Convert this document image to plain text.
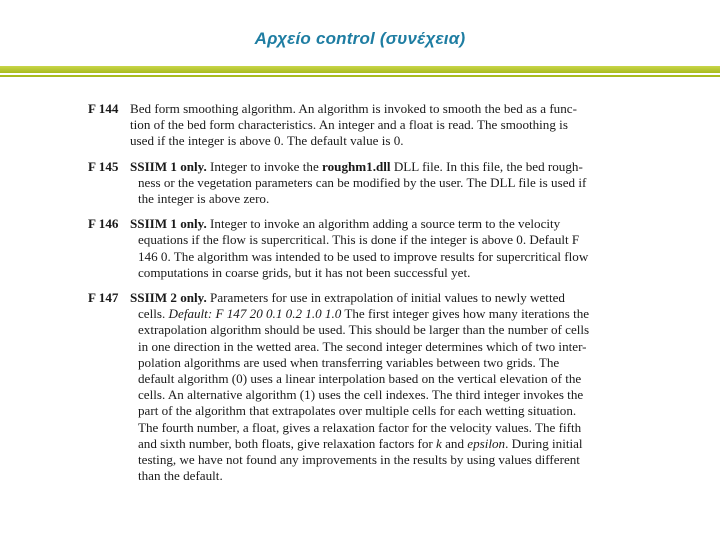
Αρχείο control (συνέχεια)
F 144 Bed form smoothing algorithm. An algorithm is invoked to smooth the bed as a func-
tion of the bed form characteristics. An integer and a float is read. The smoothing is
used if the integer is above 0. The default value is 0.
F 145 SSIIM 1 only. Integer to invoke the roughm1.dll DLL file. In this file, the bed rough-
ness or the vegetation parameters can be modified by the user. The DLL file is used if
the integer is above zero.
F 146 SSIIM 1 only. Integer to invoke an algorithm adding a source term to the velocity
equations if the flow is supercritical. This is done if the integer is above 0. Default F
146 0. The algorithm was intended to be used to improve results for supercritical flow
computations in coarse grids, but it has not been successful yet.
F 147 SSIIM 2 only. Parameters for use in extrapolation of initial values to newly wetted
cells. Default: F 147 20 0.1 0.2 1.0 1.0 The first integer gives how many iterations the
extrapolation algorithm should be used. This should be larger than the number of cells
in one direction in the wetted area. The second integer determines which of two inter-
polation algorithms are used when transferring variables between two grids. The
default algorithm (0) uses a linear interpolation based on the vertical elevation of the
cells. An alternative algorithm (1) uses the cell indexes. The third integer invokes the
part of the algorithm that extrapolates over multiple cells for each wetting situation.
The fourth number, a float, gives a relaxation factor for the velocity values. The fifth
and sixth number, both floats, give relaxation factors for k and epsilon. During initial
testing, we have not found any improvements in the results by using values different
than the default.
